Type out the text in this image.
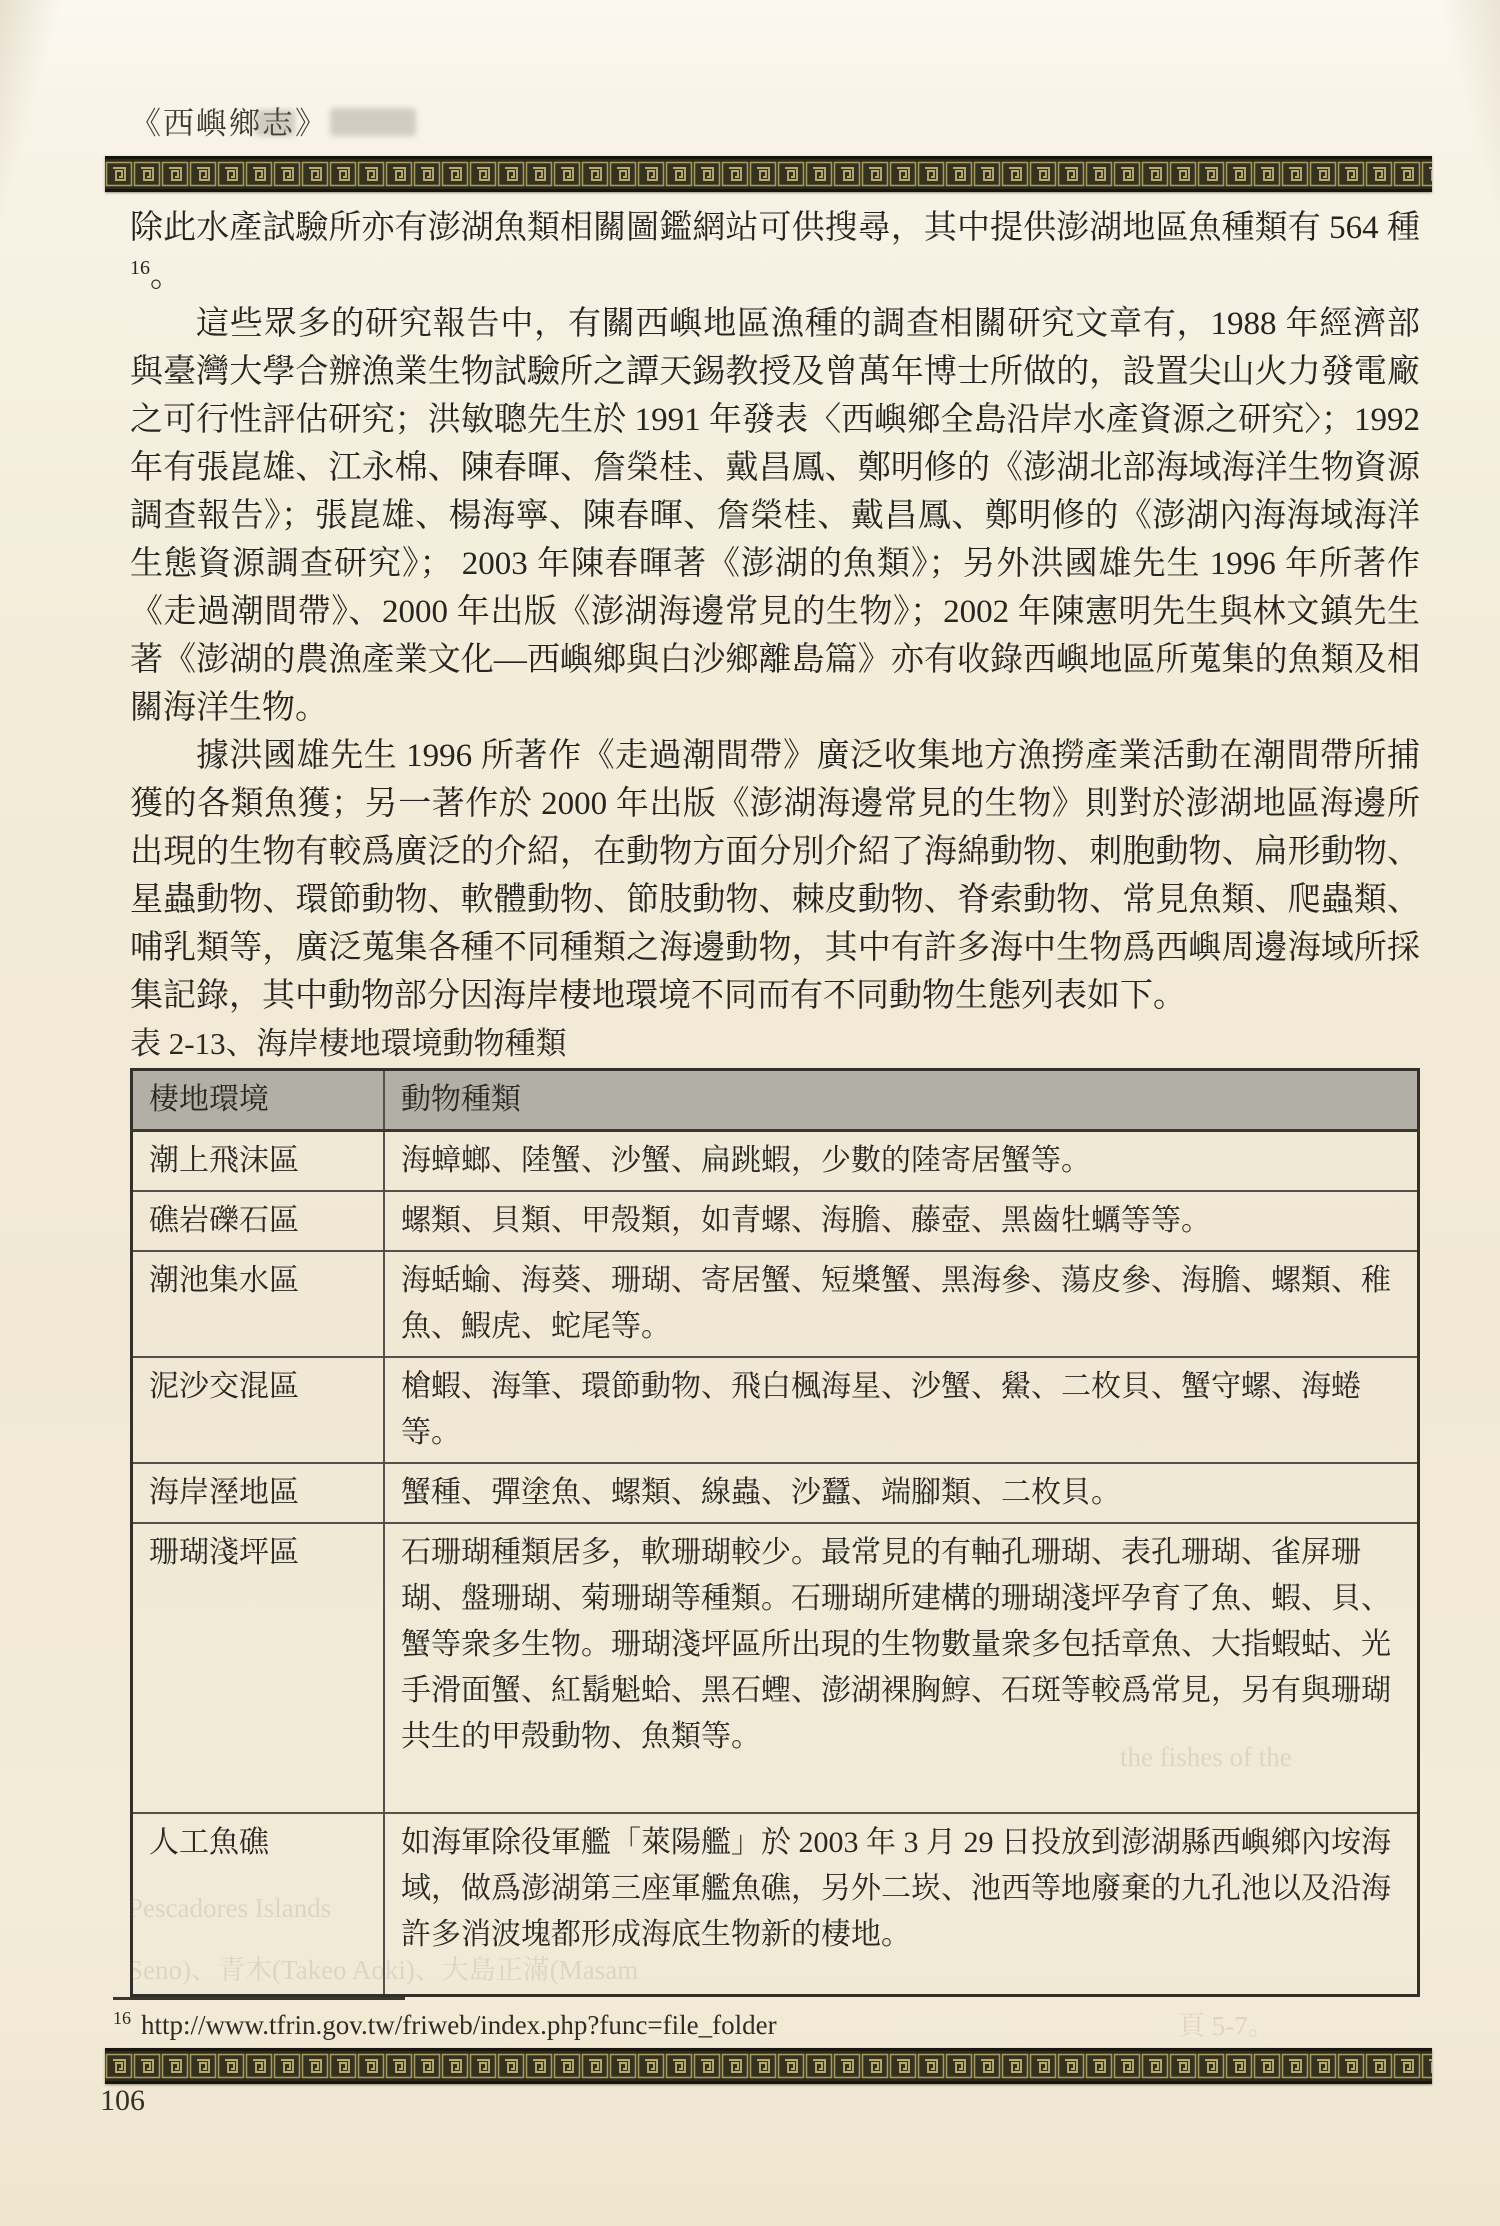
《西嶼鄉志》

除此水產試驗所亦有澎湖魚類相關圖鑑網站可供搜尋，其中提供澎湖地區魚種類有 564 種$^{16}$。

這些眾多的研究報告中，有關西嶼地區漁種的調查相關研究文章有，1988 年經濟部與臺灣大學合辦漁業生物試驗所之譚天錫教授及曾萬年博士所做的，設置尖山火力發電廠之可行性評估研究；洪敏聰先生於 1991 年發表〈西嶼鄉全島沿岸水產資源之研究〉；1992 年有張崑雄、江永棉、陳春暉、詹榮桂、戴昌鳳、鄭明修的《澎湖北部海域海洋生物資源調查報告》；張崑雄、楊海寧、陳春暉、詹榮桂、戴昌鳳、鄭明修的《澎湖內海海域海洋生態資源調查研究》； 2003 年陳春暉著《澎湖的魚類》；另外洪國雄先生 1996 年所著作《走過潮間帶》、2000 年出版《澎湖海邊常見的生物》；2002 年陳憲明先生與林文鎮先生著《澎湖的農漁產業文化—西嶼鄉與白沙鄉離島篇》亦有收錄西嶼地區所蒐集的魚類及相關海洋生物。

據洪國雄先生 1996 所著作《走過潮間帶》廣泛收集地方漁撈產業活動在潮間帶所捕獲的各類魚獲；另一著作於 2000 年出版《澎湖海邊常見的生物》則對於澎湖地區海邊所出現的生物有較爲廣泛的介紹，在動物方面分別介紹了海綿動物、刺胞動物、扁形動物、星蟲動物、環節動物、軟體動物、節肢動物、棘皮動物、脊索動物、常見魚類、爬蟲類、哺乳類等，廣泛蒐集各種不同種類之海邊動物，其中有許多海中生物爲西嶼周邊海域所採集記錄，其中動物部分因海岸棲地環境不同而有不同動物生態列表如下。

表 2-13、海岸棲地環境動物種類

棲地環境	動物種類
潮上飛沫區	海蟑螂、陸蟹、沙蟹、扁跳蝦，少數的陸寄居蟹等。
礁岩礫石區	螺類、貝類、甲殼類，如青螺、海膽、藤壺、黑齒牡蠣等等。
潮池集水區	海蛞蝓、海葵、珊瑚、寄居蟹、短槳蟹、黑海參、蕩皮參、海膽、螺類、稚魚、鰕虎、蛇尾等。
泥沙交混區	槍蝦、海筆、環節動物、飛白楓海星、沙蟹、鱟、二枚貝、蟹守螺、海蜷等。
海岸溼地區	蟹種、彈塗魚、螺類、線蟲、沙蠶、端腳類、二枚貝。
珊瑚淺坪區	石珊瑚種類居多，軟珊瑚較少。最常見的有軸孔珊瑚、表孔珊瑚、雀屏珊瑚、盤珊瑚、菊珊瑚等種類。石珊瑚所建構的珊瑚淺坪孕育了魚、蝦、貝、蟹等衆多生物。珊瑚淺坪區所出現的生物數量衆多包括章魚、大指蝦蛄、光手滑面蟹、紅鬍魁蛤、黑石蟶、澎湖裸胸鯙、石斑等較爲常見，另有與珊瑚共生的甲殼動物、魚類等。
人工魚礁	如海軍除役軍艦「萊陽艦」於 2003 年 3 月 29 日投放到澎湖縣西嶼鄉內垵海域，做爲澎湖第三座軍艦魚礁，另外二崁、池西等地廢棄的九孔池以及沿海許多消波塊都形成海底生物新的棲地。
the fishes of the
Pescadores Islands
Seno)、青木(Takeo Aoki)、大島正滿(Masam
頁 5-7。
$^{16}$ http://www.tfrin.gov.tw/friweb/index.php?func=file_folder
106
